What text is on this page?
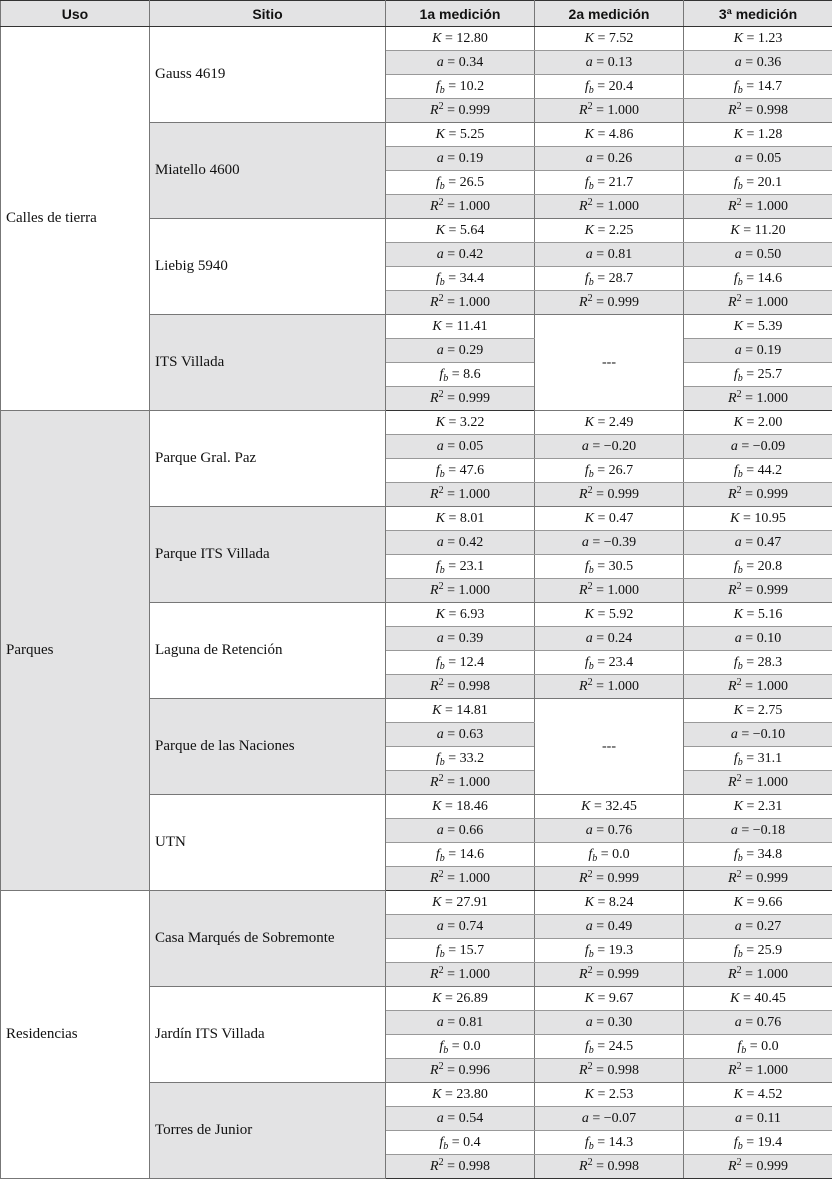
Uso	Sitio	1a medición	2a medición	3ª medición
Calles de tierra	Gauss 4619	K = 12.80	K = 7.52	K = 1.23
		a = 0.34	a = 0.13	a = 0.36
		$f_b = 10.2$	$f_b = 20.4$	$f_b = 14.7$
		$R^2 = 0.999$	$R^2 = 1.000$	$R^2 = 0.998$
	Miatello 4600	K = 5.25	K = 4.86	K = 1.28
		a = 0.19	a = 0.26	a = 0.05
		$f_b = 26.5$	$f_b = 21.7$	$f_b = 20.1$
		$R^2 = 1.000$	$R^2 = 1.000$	$R^2 = 1.000$
	Liebig 5940	K = 5.64	K = 2.25	K = 11.20
		a = 0.42	a = 0.81	a = 0.50
		$f_b = 34.4$	$f_b = 28.7$	$f_b = 14.6$
		$R^2 = 1.000$	$R^2 = 0.999$	$R^2 = 1.000$
	ITS Villada	K = 11.41	---	K = 5.39
		a = 0.29		a = 0.19
		$f_b = 8.6$		$f_b = 25.7$
		$R^2 = 0.999$		$R^2 = 1.000$
Parques	Parque Gral. Paz	K = 3.22	K = 2.49	K = 2.00
		a = 0.05	a = −0.20	a = −0.09
		$f_b = 47.6$	$f_b = 26.7$	$f_b = 44.2$
		$R^2 = 1.000$	$R^2 = 0.999$	$R^2 = 0.999$
	Parque ITS Villada	K = 8.01	K = 0.47	K = 10.95
		a = 0.42	a = −0.39	a = 0.47
		$f_b = 23.1$	$f_b = 30.5$	$f_b = 20.8$
		$R^2 = 1.000$	$R^2 = 1.000$	$R^2 = 0.999$
	Laguna de Retención	K = 6.93	K = 5.92	K = 5.16
		a = 0.39	a = 0.24	a = 0.10
		$f_b = 12.4$	$f_b = 23.4$	$f_b = 28.3$
		$R^2 = 0.998$	$R^2 = 1.000$	$R^2 = 1.000$
	Parque de las Naciones	K = 14.81	---	K = 2.75
		a = 0.63		a = −0.10
		$f_b = 33.2$		$f_b = 31.1$
		$R^2 = 1.000$		$R^2 = 1.000$
	UTN	K = 18.46	K = 32.45	K = 2.31
		a = 0.66	a = 0.76	a = −0.18
		$f_b = 14.6$	$f_b = 0.0$	$f_b = 34.8$
		$R^2 = 1.000$	$R^2 = 0.999$	$R^2 = 0.999$
Residencias	Casa Marqués de Sobremonte	K = 27.91	K = 8.24	K = 9.66
		a = 0.74	a = 0.49	a = 0.27
		$f_b = 15.7$	$f_b = 19.3$	$f_b = 25.9$
		$R^2 = 1.000$	$R^2 = 0.999$	$R^2 = 1.000$
	Jardín ITS Villada	K = 26.89	K = 9.67	K = 40.45
		a = 0.81	a = 0.30	a = 0.76
		$f_b = 0.0$	$f_b = 24.5$	$f_b = 0.0$
		$R^2 = 0.996$	$R^2 = 0.998$	$R^2 = 1.000$
	Torres de Junior	K = 23.80	K = 2.53	K = 4.52
		a = 0.54	a = −0.07	a = 0.11
		$f_b = 0.4$	$f_b = 14.3$	$f_b = 19.4$
		$R^2 = 0.998$	$R^2 = 0.998$	$R^2 = 0.999$
